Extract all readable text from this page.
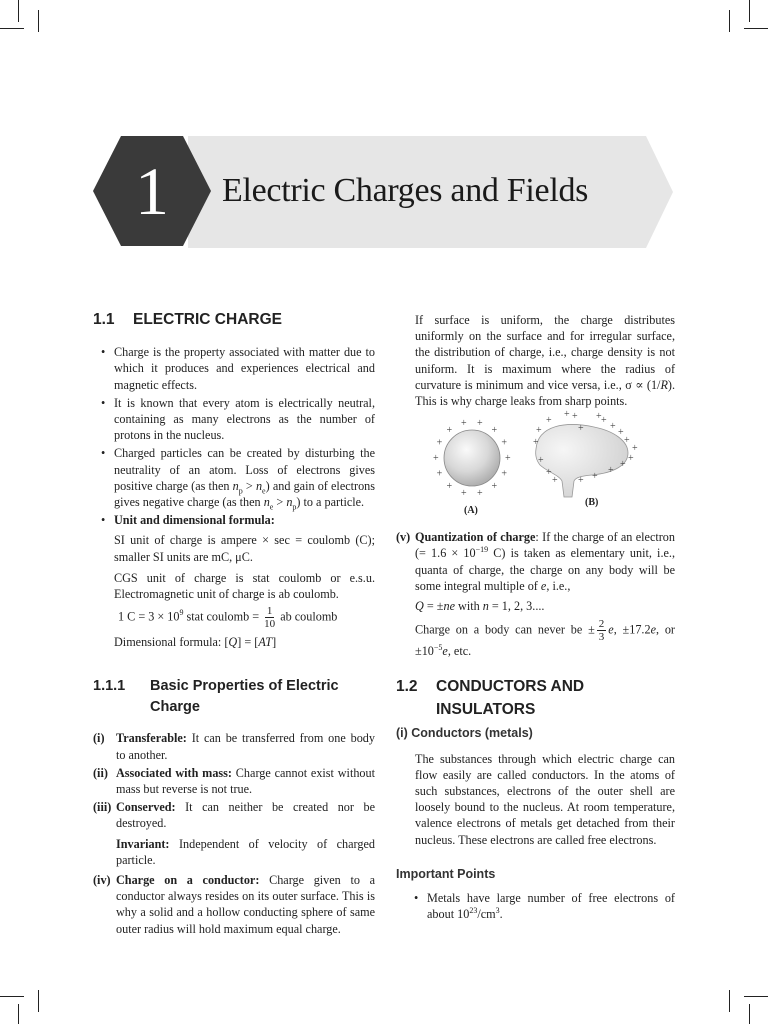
1	Electric Charges and Fields
1.1 ELECTRIC CHARGE
• Charge is the property associated with matter due to which it produces and experiences electrical and magnetic effects.
• It is known that every atom is electrically neutral, containing as many electrons as the number of protons in the nucleus.
• Charged particles can be created by disturbing the neutrality of an atom. Loss of electrons gives positive charge (as then $n_p > n_e$) and gain of electrons gives negative charge (as then $n_e > n_p$) to a particle.
• Unit and dimensional formula:

SI unit of charge is ampere × sec = coulomb (C); smaller SI units are mC, μC.

CGS unit of charge is stat coulomb or e.s.u. Electromagnetic unit of charge is ab coulomb.

1 $C = 3 \times 10^9$ stat coulomb = $\frac{1}{10}$ ab coulomb

Dimensional formula: [Q] = [AT]

1.1.1	Basic Properties of Electric Charge
(i) Transferable: It can be transferred from one body to another.
(ii) Associated with mass: Charge cannot exist without mass but reverse is not true.
(iii) Conserved: It can neither be created nor be destroyed.
Invariant: Independent of velocity of charged particle.
(iv) Charge on a conductor: Charge given to a conductor always resides on its outer surface. This is why a solid and a hollow conducting sphere of same outer radius will hold maximum equal charge.

If surface is uniform, the charge distributes uniformly on the surface and for irregular surface, the distribution of charge, i.e., charge density is not uniform. It is maximum where the radius of curvature is minimum and vice versa, i.e., σ ∝ (1/R). This is why charge leaks from sharp points.

+
+
+
+
+
+
+
+
+
+
+ +
+
+	+
+
+
+
+
+ +
+
+
+
+
+
+
+
+
+
+
+
+
+
(A)
(B)

(v) Quantization of charge: If the charge of an electron (= $1.6 \times 10^{-19}$ C) is taken as elementary unit, i.e., quanta of charge, the charge on any body will be some integral multiple of e, i.e.,

Q = ±ne with n = 1, 2, 3....

Charge on a body can never be ± $\frac{2}{3} e$, ±17.2e, or $\pm 10^{-5}e$, etc.

1.2 CONDUCTORS AND
INSULATORS
(i) Conductors (metals)

The substances through which electric charge can flow easily are called conductors. In the atoms of such substances, electrons of the outer shell are loosely bound to the nucleus. At room temperature, valence electrons of metals get detached from their nucleus. These electrons are called free electrons.

Important Points
• Metals have large number of free electrons of about $10^{23}/cm^3$.
